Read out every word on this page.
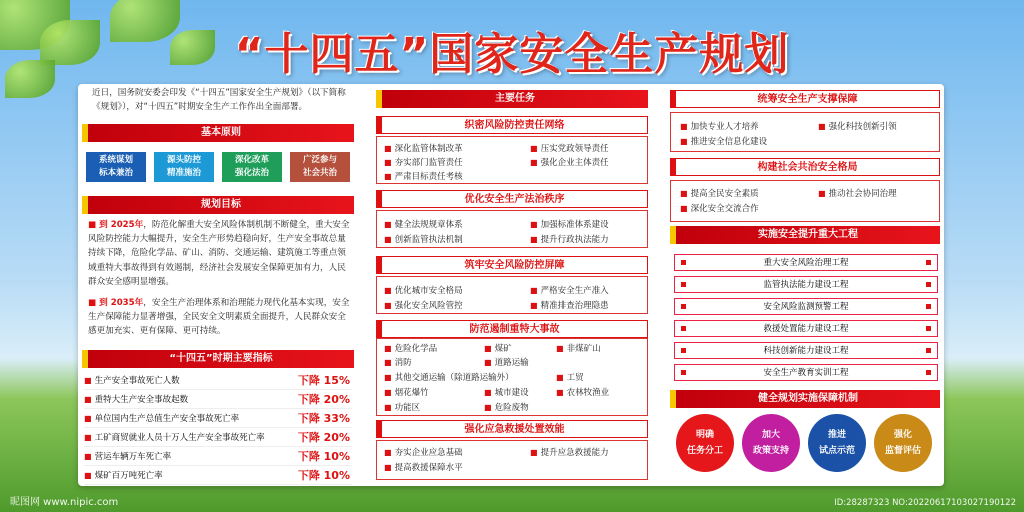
“十四五”国家安全生产规划
近日，国务院安委会印发《“十四五”国家安全生产规划》（以下简称《规划》），对“十四五”时期安全生产工作作出全面部署。
基本原则
系统谋划
标本兼治
源头防控
精准施治
深化改革
强化法治
广泛参与
社会共治
规划目标
■ 到 2025年，防范化解重大安全风险体制机制不断健全，重大安全风险防控能力大幅提升，安全生产形势趋稳向好，生产安全事故总量持续下降，危险化学品、矿山、消防、交通运输、建筑施工等重点领域重特大事故得到有效遏制，经济社会发展安全保障更加有力，人民群众安全感明显增强。
■ 到 2035年，安全生产治理体系和治理能力现代化基本实现，安全生产保障能力显著增强，全民安全文明素质全面提升，人民群众安全感更加充实、更有保障、更可持续。
“十四五”时期主要指标
■ 生产安全事故死亡人数	下降 15%
■ 重特大生产安全事故起数	下降 20%
■ 单位国内生产总值生产安全事故死亡率	下降 33%
■ 工矿商贸就业人员十万人生产安全事故死亡率	下降 20%
■ 营运车辆万车死亡率	下降 10%
■ 煤矿百万吨死亡率	下降 10%
主要任务
织密风险防控责任网络
■ 深化监管体制改革	■ 压实党政领导责任
■ 夯实部门监管责任	■ 强化企业主体责任
■ 严肃目标责任考核
优化安全生产法治秩序
■ 健全法规规章体系	■ 加强标准体系建设
■ 创新监管执法机制	■ 提升行政执法能力
筑牢安全风险防控屏障
■ 优化城市安全格局	■ 严格安全生产准入
■ 强化安全风险管控	■ 精准排查治理隐患
防范遏制重特大事故
■ 危险化学品	■ 煤矿	■ 非煤矿山
■ 消防	■ 道路运输
■ 其他交通运输（除道路运输外）	■ 工贸
■ 烟花爆竹	■ 城市建设	■ 农林牧渔业
■ 功能区	■ 危险废物
强化应急救援处置效能
■ 夯实企业应急基础	■ 提升应急救援能力
■ 提高救援保障水平
统筹安全生产支撑保障
■ 加快专业人才培养	■ 强化科技创新引领
■ 推进安全信息化建设
构建社会共治安全格局
■ 提高全民安全素质	■ 推动社会协同治理
■ 深化安全交流合作
实施安全提升重大工程
重大安全风险治理工程
监管执法能力建设工程
安全风险监测预警工程
救援处置能力建设工程
科技创新能力建设工程
安全生产教育实训工程
健全规划实施保障机制
明确
任务分工
加大
政策支持
推进
试点示范
强化
监督评估
昵图网 www.nipic.com	ID:28287323 NO:20220617103027190122
